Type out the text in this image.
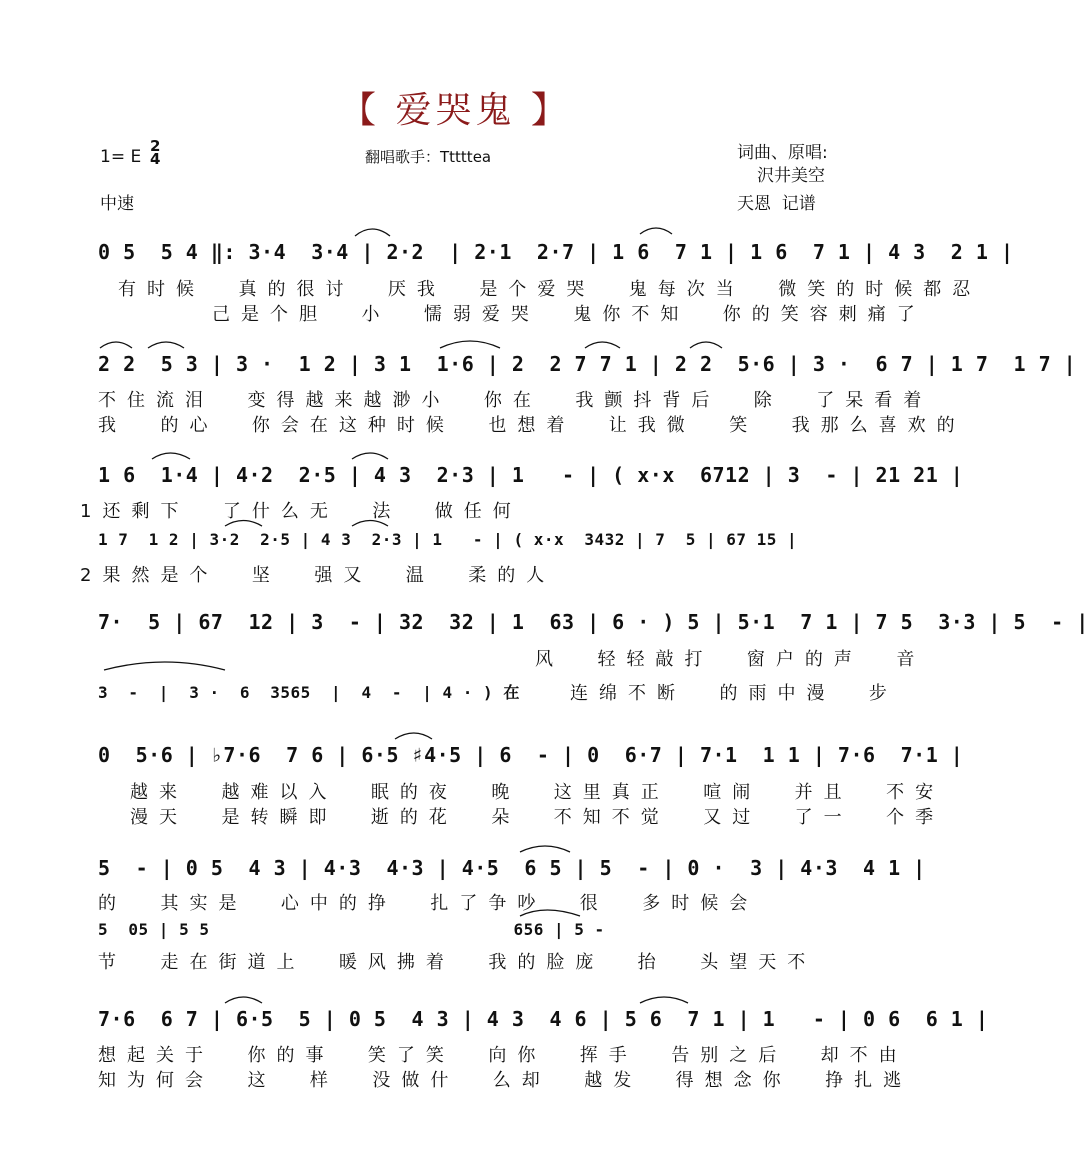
【 爱哭鬼 】
1= E
2
4	翻唱歌手：Tttttea	词曲、原唱:
沢井美空
中速	天恩  记谱
0 5  5 4 ‖: 3·4  3·4 | 2·2  | 2·1  2·7 | 1 6  7 1 | 1 6  7 1 | 4 3  2 1 |
有时候  真的很讨  厌我  是个爱哭  鬼每次当  微笑的时候都忍
己是个胆  小  懦弱爱哭  鬼你不知  你的笑容刺痛了
2 2  5 3 | 3 ·  1 2 | 3 1  1·6 | 2  2 7 7 1 | 2 2  5·6 | 3 ·  6 7 | 1 7  1 7 |
不住流泪  变得越来越渺小  你在  我颤抖背后  除  了呆看着
我  的心  你会在这种时候  也想着  让我微  笑  我那么喜欢的
1 6  1·4 | 4·2  2·5 | 4 3  2·3 | 1   - | ( x·x  6712 | 3  - | 21 21 |
1还剩下  了什么无  法  做任何
1 7  1 2 | 3·2  2·5 | 4 3  2·3 | 1   - | ( x·x  3432 | 7  5 | 67 15 |
2果然是个  坚  强又  温  柔的人
7·  5 | 67  12 | 3  - | 32  32 | 1  63 | 6 · ) 5 | 5·1  7 1 | 7 5  3·3 | 5  - |
风  轻轻敲打  窗户的声  音
3  -  |  3 ·  6  3565  |  4  -  | 4 · ) 在	连绵不断  的雨中漫  步
0  5·6 | ♭7·6  7 6 | 6·5 ♯4·5 | 6  - | 0  6·7 | 7·1  1 1 | 7·6  7·1 |
越来  越难以入  眠的夜  晚  这里真正  喧闹  并且  不安
漫天  是转瞬即  逝的花  朵  不知不觉  又过  了一  个季
5  - | 0 5  4 3 | 4·3  4·3 | 4·5  6 5 | 5  - | 0 ·  3 | 4·3  4 1 |
的  其实是  心中的挣  扎了争吵  很  多时候会
5  05 | 5 5                              656 | 5 -
节  走在街道上  暖风拂着  我的脸庞  抬  头望天不
7·6  6 7 | 6·5  5 | 0 5  4 3 | 4 3  4 6 | 5 6  7 1 | 1   - | 0 6  6 1 |
想起关于  你的事  笑了笑  向你  挥手  告别之后  却不由
知为何会  这  样  没做什  么却  越发  得想念你  挣扎逃
